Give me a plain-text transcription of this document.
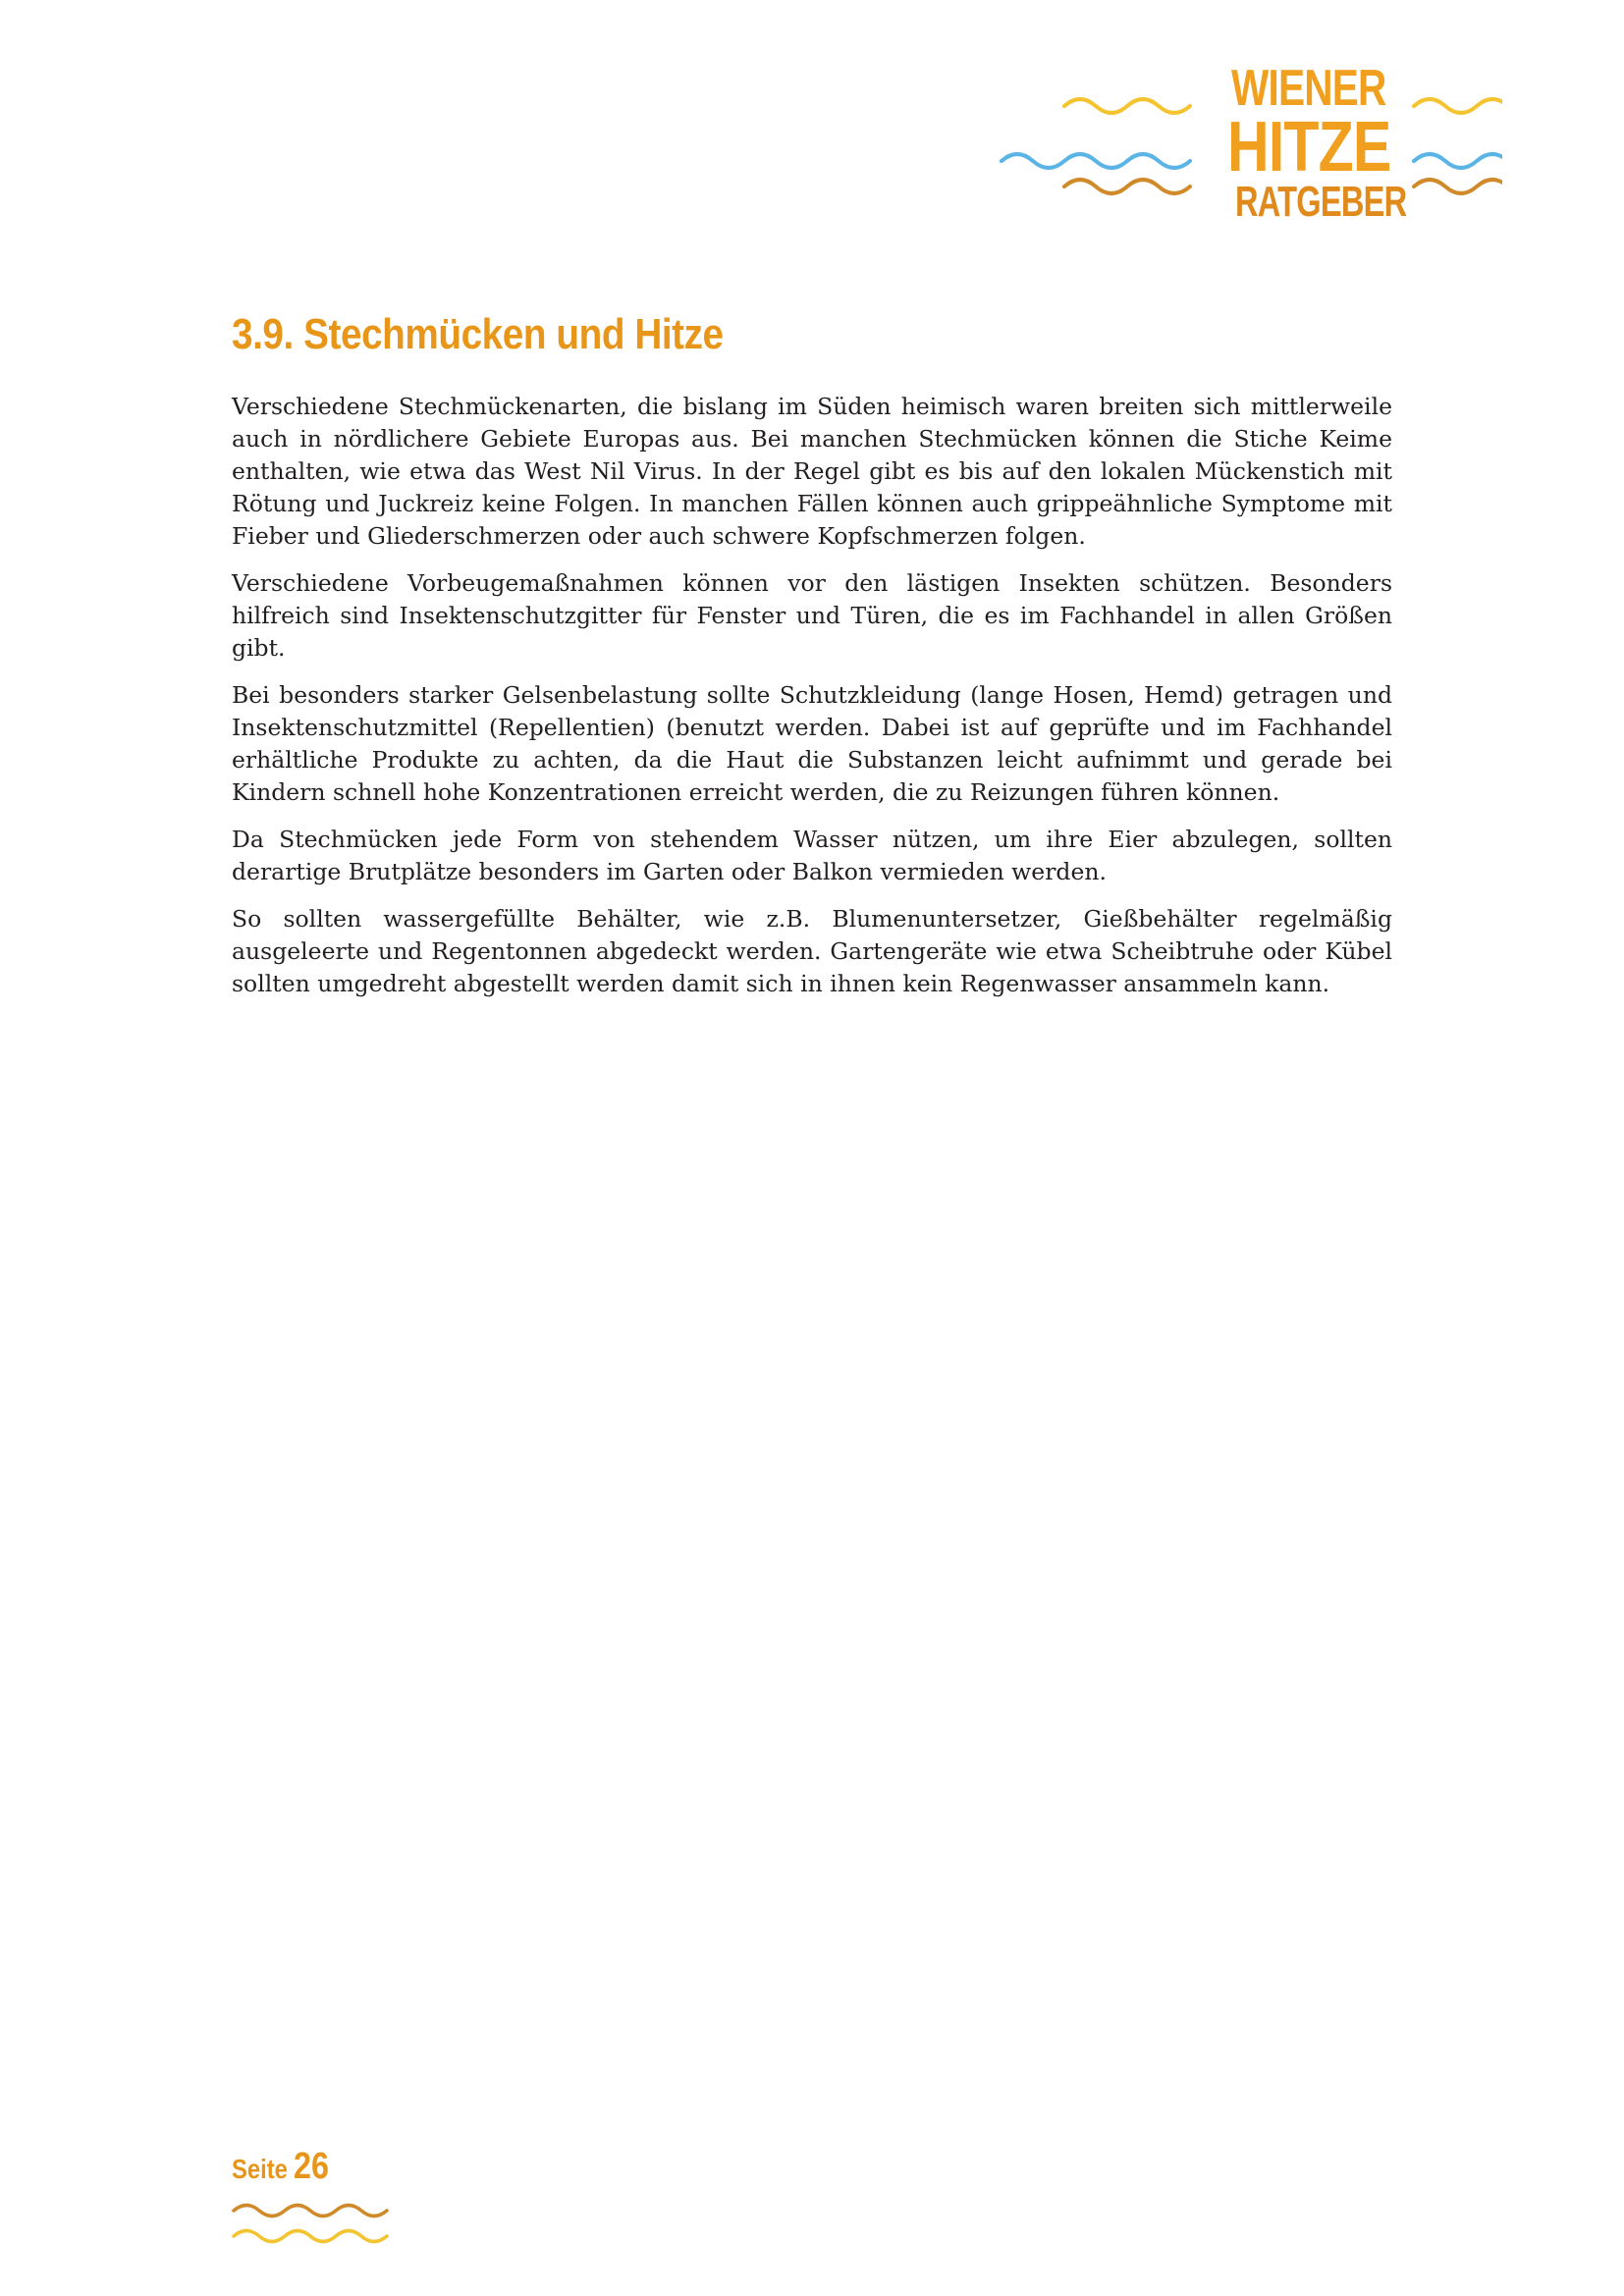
WIENER
HITZE
RATGEBER
3.9. Stechmücken und Hitze

Verschiedene Stechmückenarten, die bislang im Süden heimisch waren breiten sich mittlerweile auch in nördlichere Gebiete Europas aus. Bei manchen Stechmücken können die Stiche Keime enthalten, wie etwa das West Nil Virus. In der Regel gibt es bis auf den lokalen Mückenstich mit Rötung und Juckreiz keine Folgen. In manchen Fällen können auch grippeähnliche Symptome mit Fieber und Gliederschmerzen oder auch schwere Kopfschmerzen folgen.

Verschiedene Vorbeugemaßnahmen können vor den lästigen Insekten schützen. Besonders hilfreich sind Insektenschutzgitter für Fenster und Türen, die es im Fachhandel in allen Größen gibt.

Bei besonders starker Gelsenbelastung sollte Schutzkleidung (lange Hosen, Hemd) getragen und Insektenschutzmittel (Repellentien) (benutzt werden. Dabei ist auf geprüfte und im Fachhandel erhältliche Produkte zu achten, da die Haut die Substanzen leicht aufnimmt und gerade bei Kindern schnell hohe Konzentrationen erreicht werden, die zu Reizungen führen können.

Da Stechmücken jede Form von stehendem Wasser nützen, um ihre Eier abzulegen, sollten derartige Brutplätze besonders im Garten oder Balkon vermieden werden.

So sollten wassergefüllte Behälter, wie z.B. Blumenuntersetzer, Gießbehälter regelmäßig ausgeleerte und Regentonnen abgedeckt werden. Gartengeräte wie etwa Scheibtruhe oder Kübel sollten umgedreht abgestellt werden damit sich in ihnen kein Regenwasser ansammeln kann.

Seite 26
